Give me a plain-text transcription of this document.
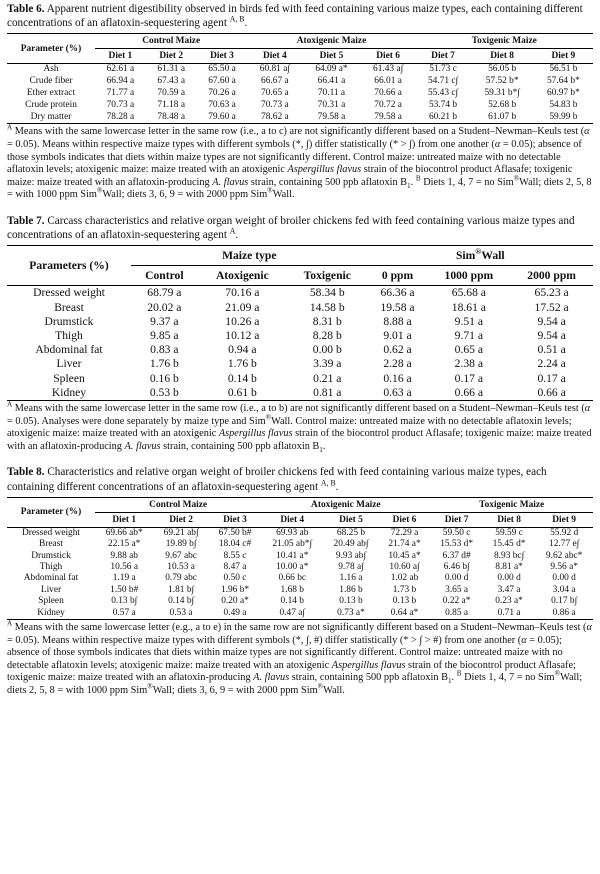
Table 6. Apparent nutrient digestibility observed in birds fed with feed containing various maize types, each containing different concentrations of an aflatoxin-sequestering agent $^{A, B}$.

Parameter (%)	Control Maize			Atoxigenic Maize			Toxigenic Maize		
	Diet 1	Diet 2	Diet 3	Diet 4	Diet 5	Diet 6	Diet 7	Diet 8	Diet 9
Ash	62.61 a	61.31 a	65.50 a	60.81 a∫	64.09 a*	61.43 a∫	51.73 c	56.05 b	56.51 b
Crude fiber	66.94 a	67.43 a	67.60 a	66.67 a	66.41 a	66.01 a	54.71 c∫	57.52 b*	57.64 b*
Ether extract	71.77 a	70.59 a	70.26 a	70.65 a	70.11 a	70.66 a	55.43 c∫	59.31 b*∫	60.97 b*
Crude protein	70.73 a	71.18 a	70.63 a	70.73 a	70.31 a	70.72 a	53.74 b	52.68 b	54.83 b
Dry matter	78.28 a	78.48 a	79.60 a	78.62 a	79.58 a	79.58 a	60.21 b	61.07 b	59.99 b

$^A$ Means with the same lowercase letter in the same row (i.e., a to c) are not significantly different based on a Student–Newman–Keuls test (α = 0.05). Means within respective maize types with different symbols (*, ∫) differ statistically (* > ∫) from one another (α = 0.05); absence of those symbols indicates that diets within maize types are not significantly different. Control maize: untreated maize with no detectable aflatoxin levels; atoxigenic maize: maize treated with an atoxigenic Aspergillus flavus strain of the biocontrol product Aflasafe; toxigenic maize: maize treated with an aflatoxin-producing A. flavus strain, containing 500 ppb aflatoxin $B_1$. $^B$ Diets 1, 4, 7 = no Sim®Wall; diets 2, 5, 8 = with 1000 ppm Sim®Wall; diets 3, 6, 9 = with 2000 ppm Sim®Wall.

Table 7. Carcass characteristics and relative organ weight of broiler chickens fed with feed containing various maize types and concentrations of an aflatoxin-sequestering agent $^A$.

Parameters (%)	Maize type			Sim®Wall		
	Control	Atoxigenic	Toxigenic	0 ppm	1000 ppm	2000 ppm
Dressed weight	68.79 a	70.16 a	58.34 b	66.36 a	65.68 a	65.23 a
Breast	20.02 a	21.09 a	14.58 b	19.58 a	18.61 a	17.52 a
Drumstick	9.37 a	10.26 a	8.31 b	8.88 a	9.51 a	9.54 a
Thigh	9.85 a	10.12 a	8.28 b	9.01 a	9.71 a	9.54 a
Abdominal fat	0.83 a	0.94 a	0.00 b	0.62 a	0.65 a	0.51 a
Liver	1.76 b	1.76 b	3.39 a	2.28 a	2.38 a	2.24 a
Spleen	0.16 b	0.14 b	0.21 a	0.16 a	0.17 a	0.17 a
Kidney	0.53 b	0.61 b	0.81 a	0.63 a	0.66 a	0.66 a

$^A$ Means with the same lowercase letter in the same row (i.e., a to b) are not significantly different based on a Student–Newman–Keuls test (α = 0.05). Analyses were done separately by maize type and Sim®Wall. Control maize: untreated maize with no detectable aflatoxin levels; atoxigenic maize: maize treated with an atoxigenic Aspergillus flavus strain of the biocontrol product Aflasafe; toxigenic maize: maize treated with an aflatoxin-producing A. flavus strain, containing 500 ppb aflatoxin $B_1$.

Table 8. Characteristics and relative organ weight of broiler chickens fed with feed containing various maize types, each containing different concentrations of an aflatoxin-sequestering agent $^{A, B}$.

Parameter (%)	Control Maize			Atoxigenic Maize			Toxigenic Maize		
	Diet 1	Diet 2	Diet 3	Diet 4	Diet 5	Diet 6	Diet 7	Diet 8	Diet 9
Dressed weight	69.66 ab*	69.21 ab∫	67.50 b#	69.93 ab	68.25 b	72.29 a	59.50 c	59.59 c	55.92 d
Breast	22.15 a*	19.89 b∫	18.04 c#	21.05 ab*∫	20.49 ab∫	21.74 a*	15.53 d*	15.45 d*	12.77 e∫
Drumstick	9.88 ab	9.67 abc	8.55 c	10.41 a*	9.93 ab∫	10.45 a*	6.37 d#	8.93 bc∫	9.62 abc*
Thigh	10.56 a	10.53 a	8.47 a	10.00 a*	9.78 a∫	10.60 a∫	6.46 b∫	8.81 a*	9.56 a*
Abdominal fat	1.19 a	0.79 abc	0.50 c	0.66 bc	1.16 a	1.02 ab	0.00 d	0.00 d	0.00 d
Liver	1.50 b#	1.81 b∫	1.96 b*	1.68 b	1.86 b	1.73 b	3.65 a	3.47 a	3.04 a
Spleen	0.13 b∫	0.14 b∫	0.20 a*	0.14 b	0.13 b	0.13 b	0.22 a*	0.23 a*	0.17 b∫
Kidney	0.57 a	0.53 a	0.49 a	0.47 a∫	0.73 a*	0.64 a*	0.85 a	0.71 a	0.86 a

$^A$ Means with the same lowercase letter (e.g., a to e) in the same row are not significantly different based on a Student–Newman–Keuls test (α = 0.05). Means within respective maize types with different symbols (*, ∫, #) differ statistically (* > ∫ > #) from one another (α = 0.05); absence of those symbols indicates that diets within maize types are not significantly different. Control maize: untreated maize with no detectable aflatoxin levels; atoxigenic maize: maize treated with an atoxigenic Aspergillus flavus strain of the biocontrol product Aflasafe; toxigenic maize: maize treated with an aflatoxin-producing A. flavus strain, containing 500 ppb aflatoxin $B_1$. $^B$ Diets 1, 4, 7 = no Sim®Wall; diets 2, 5, 8 = with 1000 ppm Sim®Wall; diets 3, 6, 9 = with 2000 ppm Sim®Wall.
